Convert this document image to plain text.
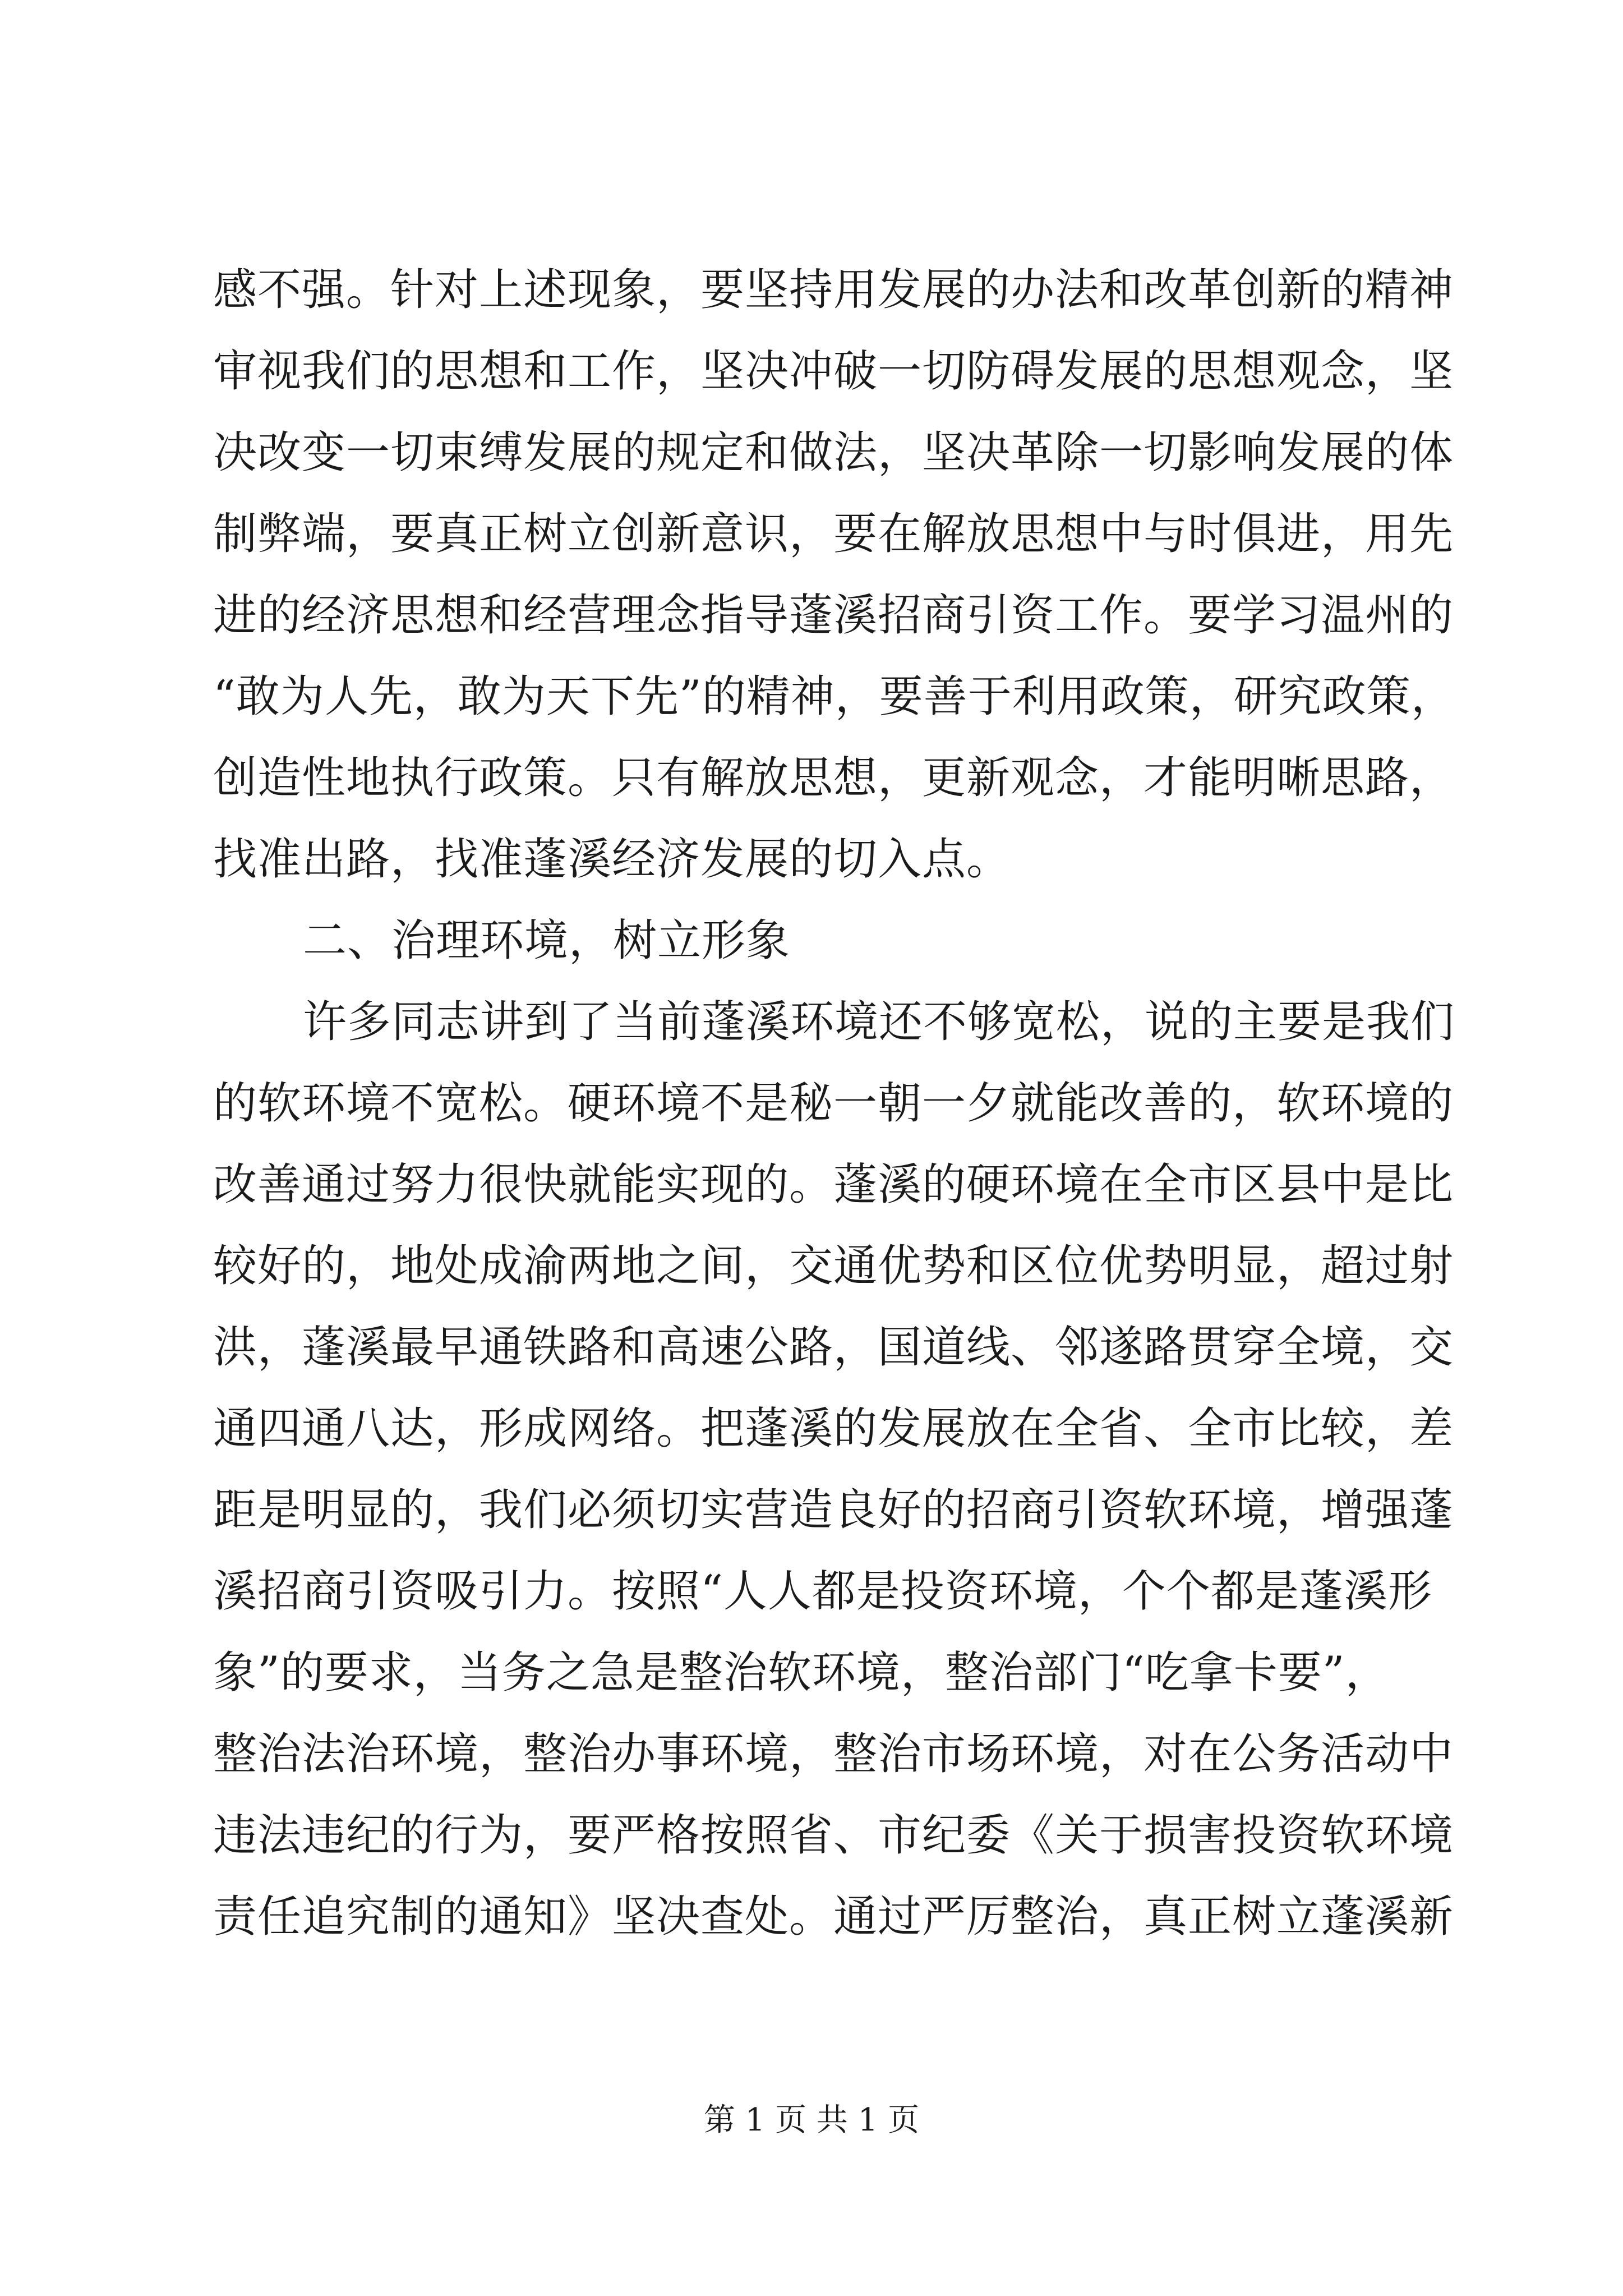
感不强。针对上述现象，要坚持用发展的办法和改革创新的精神
审视我们的思想和工作，坚决冲破一切防碍发展的思想观念，坚
决改变一切束缚发展的规定和做法，坚决革除一切影响发展的体
制弊端，要真正树立创新意识，要在解放思想中与时俱进，用先
进的经济思想和经营理念指导蓬溪招商引资工作。要学习温州的
“敢为人先，敢为天下先”的精神，要善于利用政策，研究政策，
创造性地执行政策。只有解放思想，更新观念，才能明晰思路，
找准出路，找准蓬溪经济发展的切入点。
二、治理环境，树立形象
许多同志讲到了当前蓬溪环境还不够宽松，说的主要是我们
的软环境不宽松。硬环境不是秘一朝一夕就能改善的，软环境的
改善通过努力很快就能实现的。蓬溪的硬环境在全市区县中是比
较好的，地处成渝两地之间，交通优势和区位优势明显，超过射
洪，蓬溪最早通铁路和高速公路，国道线、邻遂路贯穿全境，交
通四通八达，形成网络。把蓬溪的发展放在全省、全市比较，差
距是明显的，我们必须切实营造良好的招商引资软环境，增强蓬
溪招商引资吸引力。按照“人人都是投资环境，个个都是蓬溪形
象”的要求，当务之急是整治软环境，整治部门“吃拿卡要”，
整治法治环境，整治办事环境，整治市场环境，对在公务活动中
违法违纪的行为，要严格按照省、市纪委《关于损害投资软环境
责任追究制的通知》坚决查处。通过严厉整治，真正树立蓬溪新
第 1 页 共 1 页
